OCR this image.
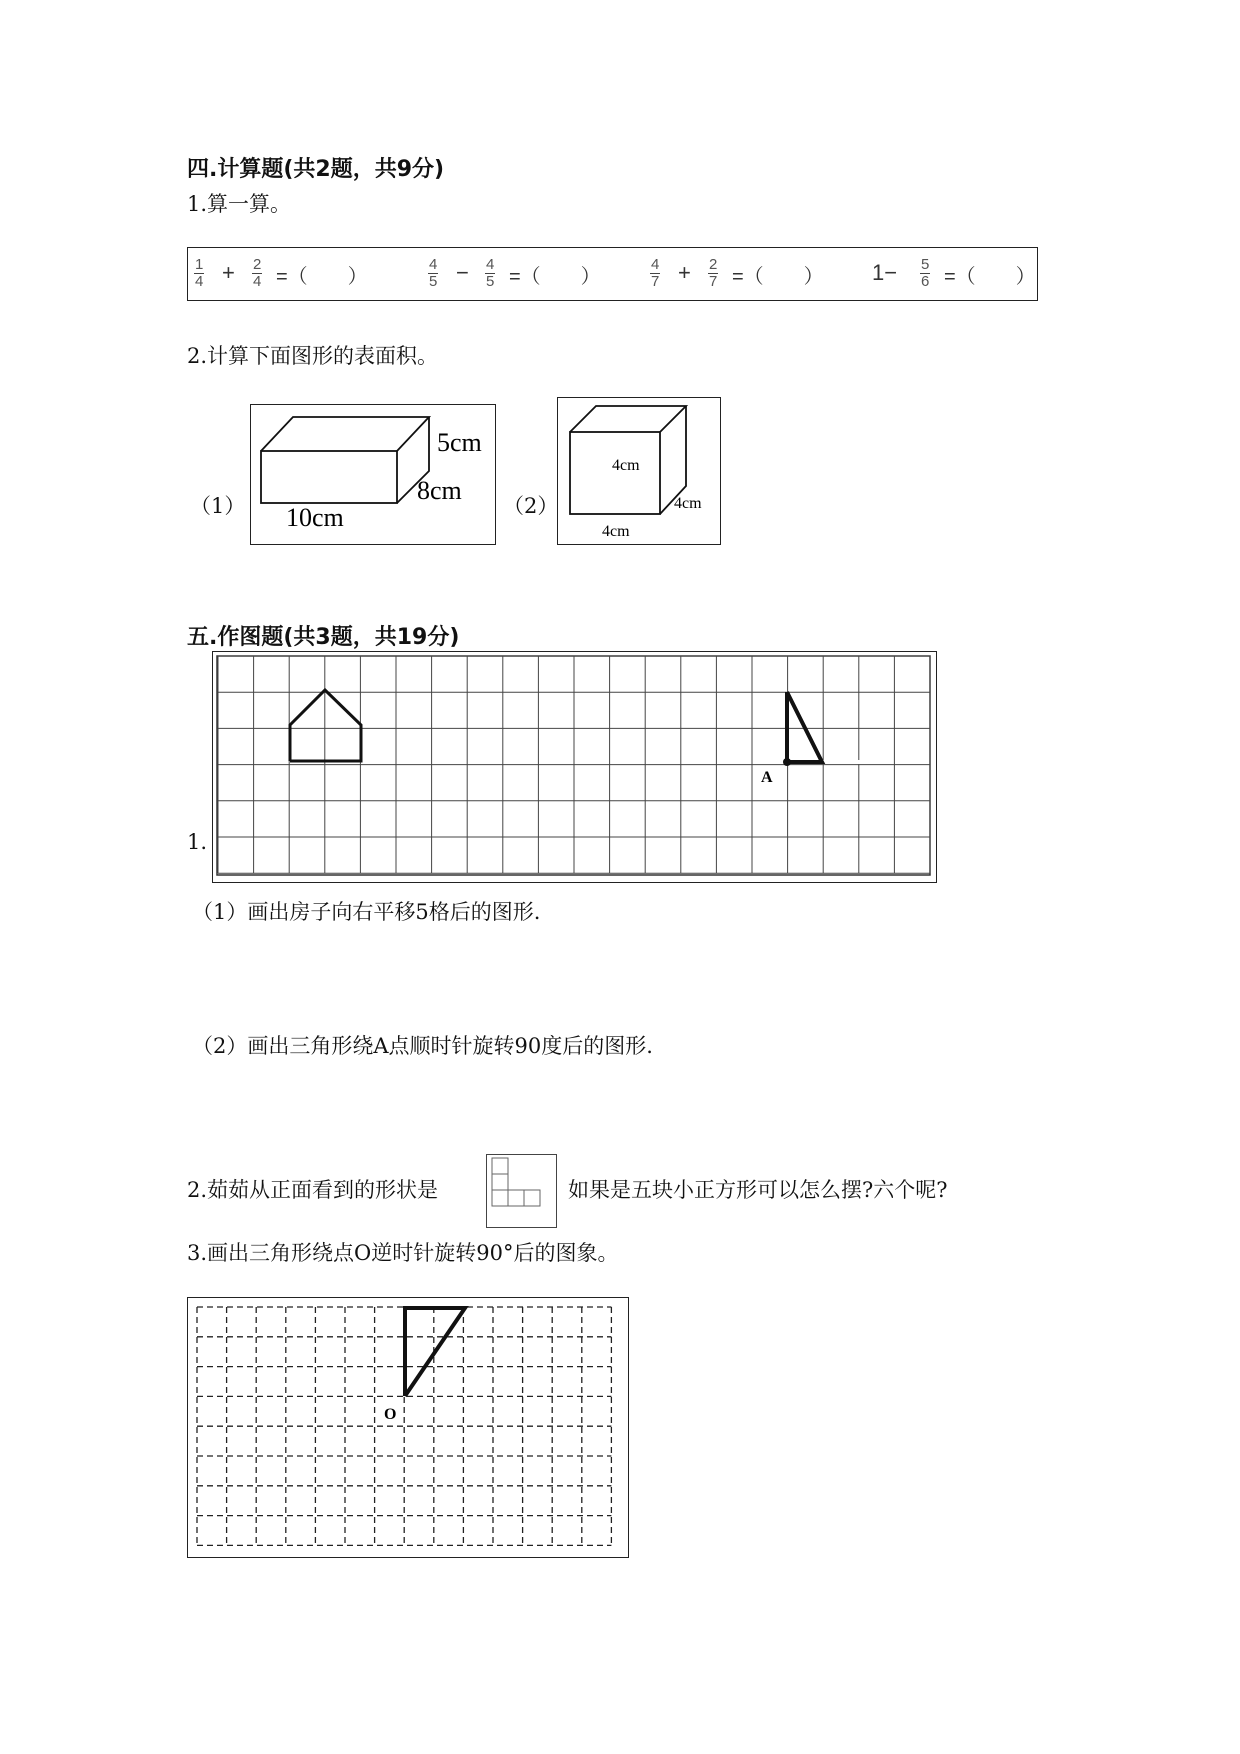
四.计算题(共2题，共9分)
1.算一算。
$\frac{1}{4} + \frac{2}{4}$ =（　　）	$\frac{4}{5} - \frac{4}{5}$ =（　　）	$\frac{4}{7} + \frac{2}{7}$ =（　　） $1- \frac{5}{6}$ =（　　）
2.计算下面图形的表面积。
（1）
5cm
8cm
10cm	（2）
4cm
4cm
4cm
五.作图题(共3题，共19分)
1.
A
（1）画出房子向右平移5格后的图形.
（2）画出三角形绕A点顺时针旋转90度后的图形.
2.茹茹从正面看到的形状是	如果是五块小正方形可以怎么摆?六个呢?
3.画出三角形绕点O逆时针旋转90°后的图象。
O
